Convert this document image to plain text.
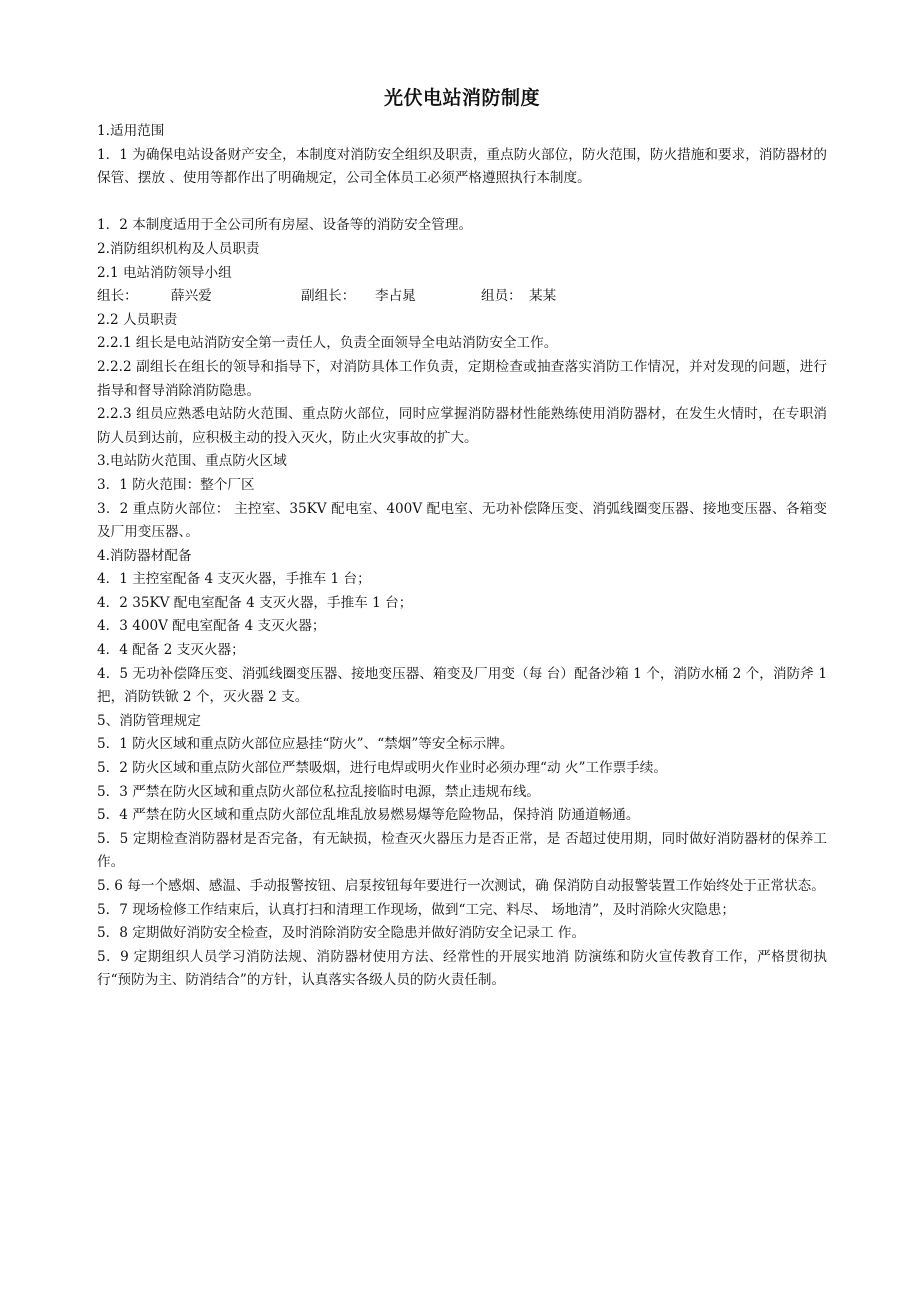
光伏电站消防制度

1.适用范围

1．1 为确保电站设备财产安全，本制度对消防安全组织及职责，重点防火部位，防火范围，防火措施和要求，消防器材的保管、摆放 、使用等都作出了明确规定，公司全体员工必须严格遵照执行本制度。

1．2 本制度适用于全公司所有房屋、设备等的消防安全管理。

2.消防组织机构及人员职责

2.1 电站消防领导小组

组长：	薛兴爱	副组长：	李占晁	组员： 某某

2.2 人员职责

2.2.1 组长是电站消防安全第一责任人，负责全面领导全电站消防安全工作。

2.2.2 副组长在组长的领导和指导下，对消防具体工作负责，定期检查或抽查落实消防工作情况，并对发现的问题，进行指导和督导消除消防隐患。

2.2.3 组员应熟悉电站防火范围、重点防火部位，同时应掌握消防器材性能熟练使用消防器材，在发生火情时，在专职消防人员到达前，应积极主动的投入灭火，防止火灾事故的扩大。

3.电站防火范围、重点防火区域

3．1 防火范围：整个厂区

3．2 重点防火部位： 主控室、35KV 配电室、400V 配电室、无功补偿降压变、消弧线圈变压器、接地变压器、各箱变及厂用变压器、。

4.消防器材配备

4．1 主控室配备 4 支灭火器，手推车 1 台；

4．2 35KV 配电室配备 4 支灭火器，手推车 1 台；

4．3 400V 配电室配备 4 支灭火器；

4．4 配备 2 支灭火器；

4．5 无功补偿降压变、消弧线圈变压器、接地变压器、箱变及厂用变（每 台）配备沙箱 1 个，消防水桶 2 个，消防斧 1 把，消防铁锨 2 个，灭火器 2 支。

5、消防管理规定

5．1 防火区域和重点防火部位应悬挂“防火”、“禁烟”等安全标示牌。

5．2 防火区域和重点防火部位严禁吸烟，进行电焊或明火作业时必须办理“动 火”工作票手续。

5．3 严禁在防火区域和重点防火部位私拉乱接临时电源，禁止违规布线。

5．4 严禁在防火区域和重点防火部位乱堆乱放易燃易爆等危险物品，保持消 防通道畅通。

5．5 定期检查消防器材是否完备，有无缺损，检查灭火器压力是否正常，是 否超过使用期，同时做好消防器材的保养工作。

5. 6 每一个感烟、感温、手动报警按钮、启泵按钮每年要进行一次测试，确 保消防自动报警装置工作始终处于正常状态。

5．7 现场检修工作结束后，认真打扫和清理工作现场，做到“工完、料尽、 场地清”，及时消除火灾隐患；

5．8 定期做好消防安全检查，及时消除消防安全隐患并做好消防安全记录工 作。

5．9 定期组织人员学习消防法规、消防器材使用方法、经常性的开展实地消 防演练和防火宣传教育工作，严格贯彻执行“预防为主、防消结合”的方针，认真落实各级人员的防火责任制。
